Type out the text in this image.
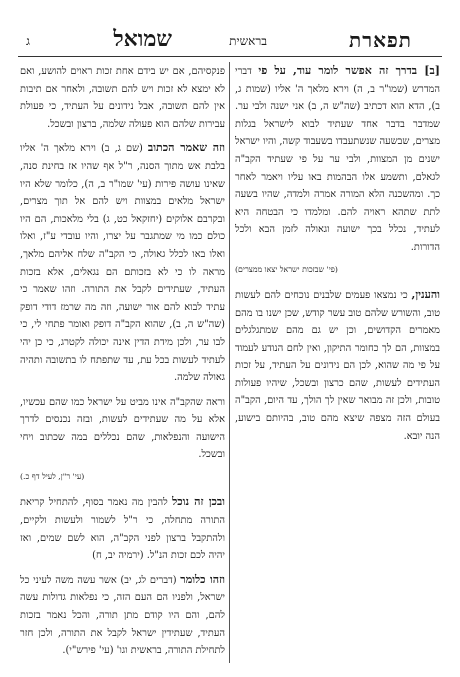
תפארת
בראשית
שמואל
ג

[ב] בדרך זה אפשר לומר עוד, על פי דברי המדרש (שמו"ר ב, ה) וירא מלאך ה' אליו (שמות ג, ב), הדא הוא דכתיב (שה"ש ה, ב) אני ישנה ולבי ער. שמדבר בדבר אחד שעתיד לבוא לישראל בגלות מצרים, שבשעה שנשתעבדו בשעבוד קשה, והיו ישראל ישנים מן המצוות, ולבי ער על פי שעתיד הקב"ה לגאלם, ותשמע אלו הבהמות באו עליו ויאמר לאחר כך. ומהשכנה הלא המורה אמרה ולמדה, שהיו בשעה לתת שתהא ראויה להם. ומלמדו כי הבטחה היא לעתיד, נכלל בכך ישועה וגאולה לזמן הבא ולכל הדורות.

(פי' שבזכות ישראל יצאו ממצרים)

והענין, כי נמצאו פעמים שלבנים נוכחים להם לעשות טוב, והשורש שלהם טוב עשר קודש, שכן ישנו בו מהם מאמרים הקדושים, וכן יש גם מהם שמתגלגלים במצוות, הם לך כחומר התיקון, ואין לחם הנודע לעמוד על פי מה שהוא, לכן הם נידונים על העתיד, על זכות העתידים לעשות, שהם כרצון ובשכל, שיהיו פעולות טובות, ולכן זה מבואר שאין לך הולך, עד היום, הקב"ה בעולם הזה מצפה שיצא מהם טוב, בהיותם בישוע, הנה יובא.

פנקסיהם, אם יש בידם אחת זכות ראוים להושע, ואם לא ימצא לא זכות ויש להם תשובה, ולאחר אם תיבות אין להם תשובה, אבל נידונים על העתיד, כי פעולת עבירות שלהם הוא פעולה שלמה, ברצון ובשכל.

וזה שאמר הכתוב (שם ג, ב) וירא מלאך ה' אליו בלבת אש מתוך הסנה, ר"ל אף שהיו אז בחינת סנה, שאינו עושה פירות (עי' שמו"ר ב, ה), כלומר שלא היו ישראל מלאים במצוות ויש להם אל תוך מצרים, ובקרבם אלוקים (יחזקאל כט, ג) בלי מלאכות, הם היו כולם כמו מי שמתגבר על יצרו, והיו עובדי ע"ז, ואלו ואלו באו לכלל גאולה, כי הקב"ה שלח אליהם מלאך, מראה לו כי לא בזכותם הם נגאלים, אלא בזכות העתיד, שעתידים לקבל את התורה. וזהו שאמר כי עתיד לבוא להם אור ישועה, וזה מה שרמז דודי דופק (שה"ש ה, ב), שהוא הקב"ה דופק ואומר פתחי לי, כי לבו ער, ולכן מידת הדין אינה יכולה לקטרג, כי כן יהי לעתיד לעשות בכל עת, עד שתפתח לו בתשובה ותהיה גאולה שלמה.

וראה שהקב"ה אינו מביט על ישראל כמו שהם עכשיו, אלא על מה שעתידים לעשות, ובזה נכנסים לדרך הישועה והנפלאות, שהם נכללים במה שכתוב ויחי ובשכל.

(עי' ר"ן, לעיל דף כ.)

ובכן זה נוכל להבין מה נאמר בסוף, להתחיל קריאת התורה מתחלה, כי ר"ל לשמור ולעשות ולקיים, ולהתקבל ברצון לפני הקב"ה, הוא לשם שמים, ואז יהיה לכם זכות הנ"ל. (ירמיה יב, ח)

וזהו כלומר (דברים לג, יב) אשר עשה משה לעיני כל ישראל, ולפניו הם העם הזה, כי נפלאות גדולות עשה להם, והם היו קודם מתן תורה, והכל נאמר בזכות העתיד, שעתידין ישראל לקבל את התורה, ולכן חזר לתחילת התורה, בראשית וגו' (עי' פירש"י).
